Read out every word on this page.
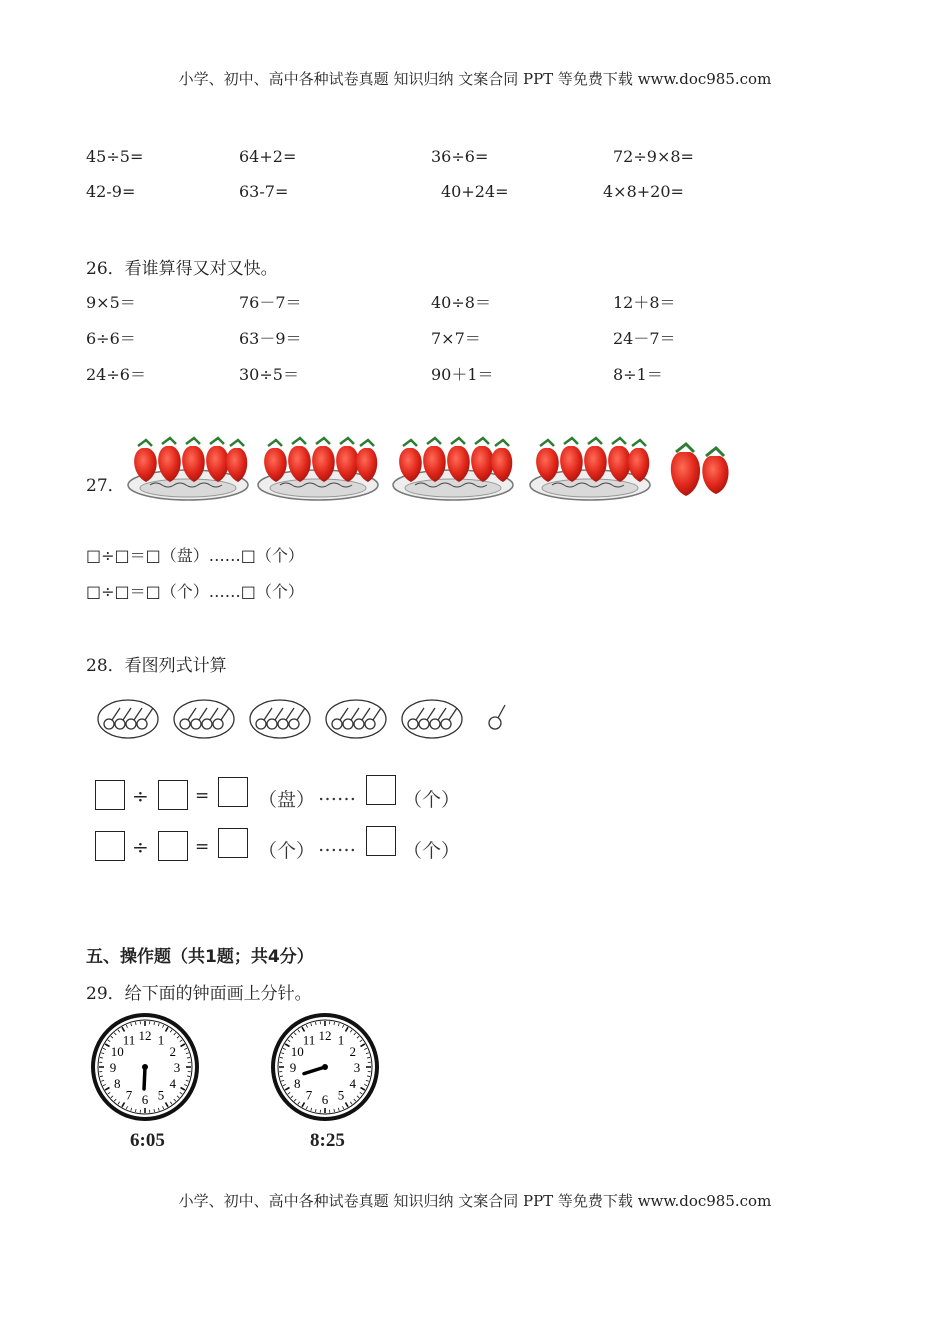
小学、初中、高中各种试卷真题 知识归纳 文案合同 PPT 等免费下载 www.doc985.com
小学、初中、高中各种试卷真题 知识归纳 文案合同 PPT 等免费下载 www.doc985.com
45÷5=	64+2=	36÷6=	72÷9×8=
42-9=	63-7=	40+24=	4×8+20=
26．看谁算得又对又快。
9×5＝	76－7＝	40÷8＝	12＋8＝
6÷6＝	63－9＝	7×7＝	24－7＝
24÷6＝	30÷5＝	90＋1＝	8÷1＝
27．
□÷□＝□（盘）……□（个）
□÷□＝□（个）……□（个）
28．看图列式计算
÷	=	（盘） …… （个）
÷	=	（个） …… （个）
五、操作题（共1题；共4分）
29．给下面的钟面画上分针。
12 1
2
3
4
5
6
7
8
9
10
11	12 1
2
3
4
5
6
7
8
9
10
11
6:05	8:25
